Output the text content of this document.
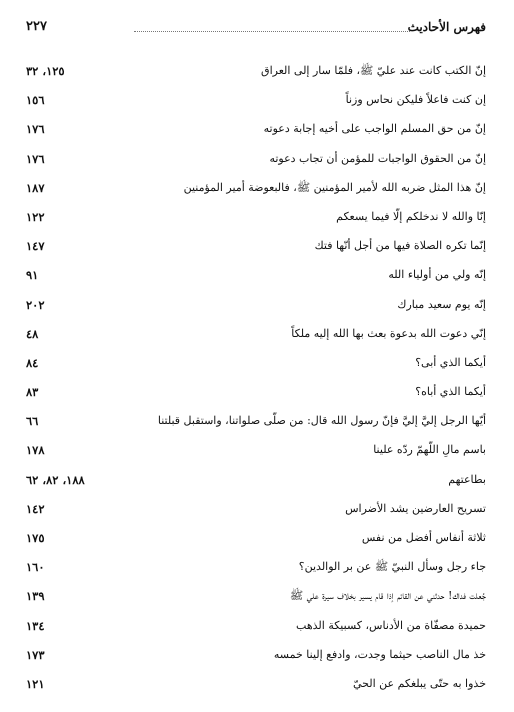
فهرس الأحاديث
٢٢٧
إنّ الكتب كانت عند عليّ ﷺ، فلمّا سار إلى العراق
١٢٥، ٣٢
إن كنت فاعلاً فليكن نحاس وزناً
١٥٦
إنّ من حق المسلم الواجب على أخيه إجابة دعوته
١٧٦
إنّ من الحقوق الواجبات للمؤمن أن تجاب دعوته
١٧٦
إنّ هذا المثل ضربه الله لأمير المؤمنين ﷺ، فالبعوضة أمير المؤمنين
١٨٧
إنّا والله لا ندخلكم إلّا فيما يسعكم
١٢٢
إنّما تكره الصلاة فيها من أجل أنّها فتك
١٤٧
إنّه ولي من أولياء الله
٩١
إنّه يوم سعيد مبارك
٢٠٢
إنّي دعوت الله بدعوة بعث بها الله إليه ملكاً
٤٨
أيكما الذي أبى؟
٨٤
أيكما الذي أباه؟
٨٣
أيّها الرجل إليَّ إليَّ فإنّ رسول الله قال: من صلّى صلواتنا، واستقبل قبلتنا
٦٦
باسم مالِ اللّهمّ ردّه علينا
١٧٨
بطاعتهم
١٨٨، ٨٢، ٦٢
تسريح العارضين يشد الأضراس
١٤٢
ثلاثة أنفاس أفضل من نفس
١٧٥
جاء رجل وسأل النبيّ ﷺ عن بر الوالدين؟
١٦٠
جُعلت فداك! حدثني عن القائم إذا قام يسير بخلاف سيرة علي ﷺ
١٣٩
حميدة مصفّاة من الأدناس، كسبيكة الذهب
١٣٤
خذ مال الناصب حيثما وجدت، وادفع إلينا خمسه
١٧٣
خذوا به حتّى يبلغكم عن الحيّ
١٢١
